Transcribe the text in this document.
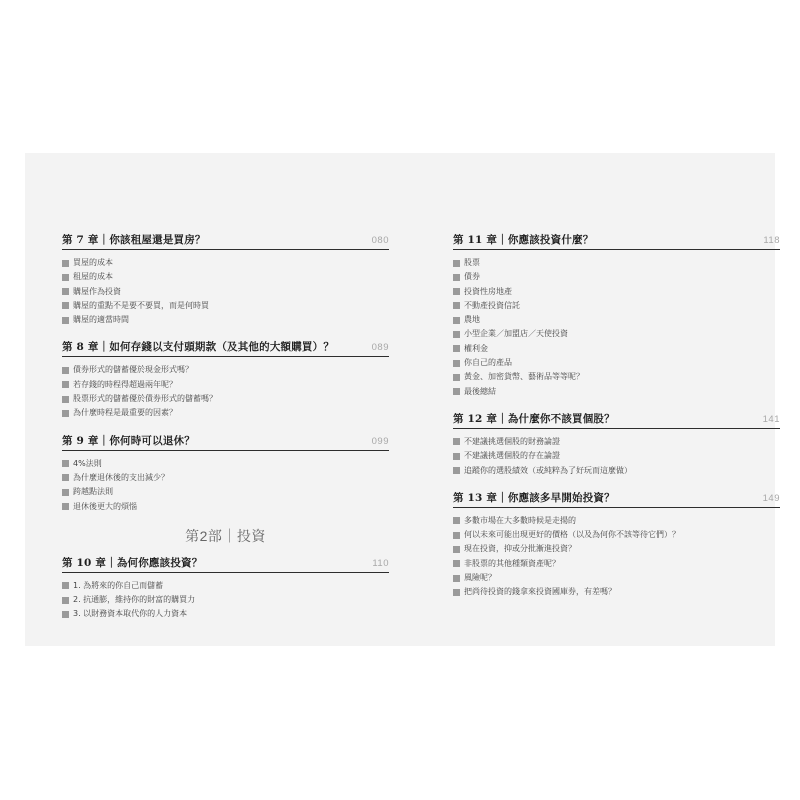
第 7 章｜你該租屋還是買房？	080
買屋的成本
租屋的成本
購屋作為投資
購屋的重點不是要不要買，而是何時買
購屋的適當時間
第 8 章｜如何存錢以支付頭期款（及其他的大額購買）？	089
債券形式的儲蓄優於現金形式嗎？
若存錢的時程得超過兩年呢？
股票形式的儲蓄優於債券形式的儲蓄嗎？
為什麼時程是最重要的因素？
第 9 章｜你何時可以退休？	099
4%法則
為什麼退休後的支出減少？
跨越點法則
退休後更大的煩惱
第2部｜投資
第 10 章｜為何你應該投資？	110
1. 為將來的你自己而儲蓄
2. 抗通膨，維持你的財富的購買力
3. 以財務資本取代你的人力資本
第 11 章｜你應該投資什麼？	118
股票
債券
投資性房地產
不動產投資信託
農地
小型企業／加盟店／天使投資
權利金
你自己的產品
黃金、加密貨幣、藝術品等等呢？
最後總結
第 12 章｜為什麼你不該買個股？	141
不建議挑選個股的財務論證
不建議挑選個股的存在論證
追蹤你的選股績效（或純粹為了好玩而這麼做）
第 13 章｜你應該多早開始投資？	149
多數市場在大多數時候是走揚的
何以未來可能出現更好的價格（以及為何你不該等待它們）？
現在投資，抑或分批漸進投資？
非股票的其他種類資產呢？
風險呢？
把尚待投資的錢拿來投資國庫券，有差嗎？
